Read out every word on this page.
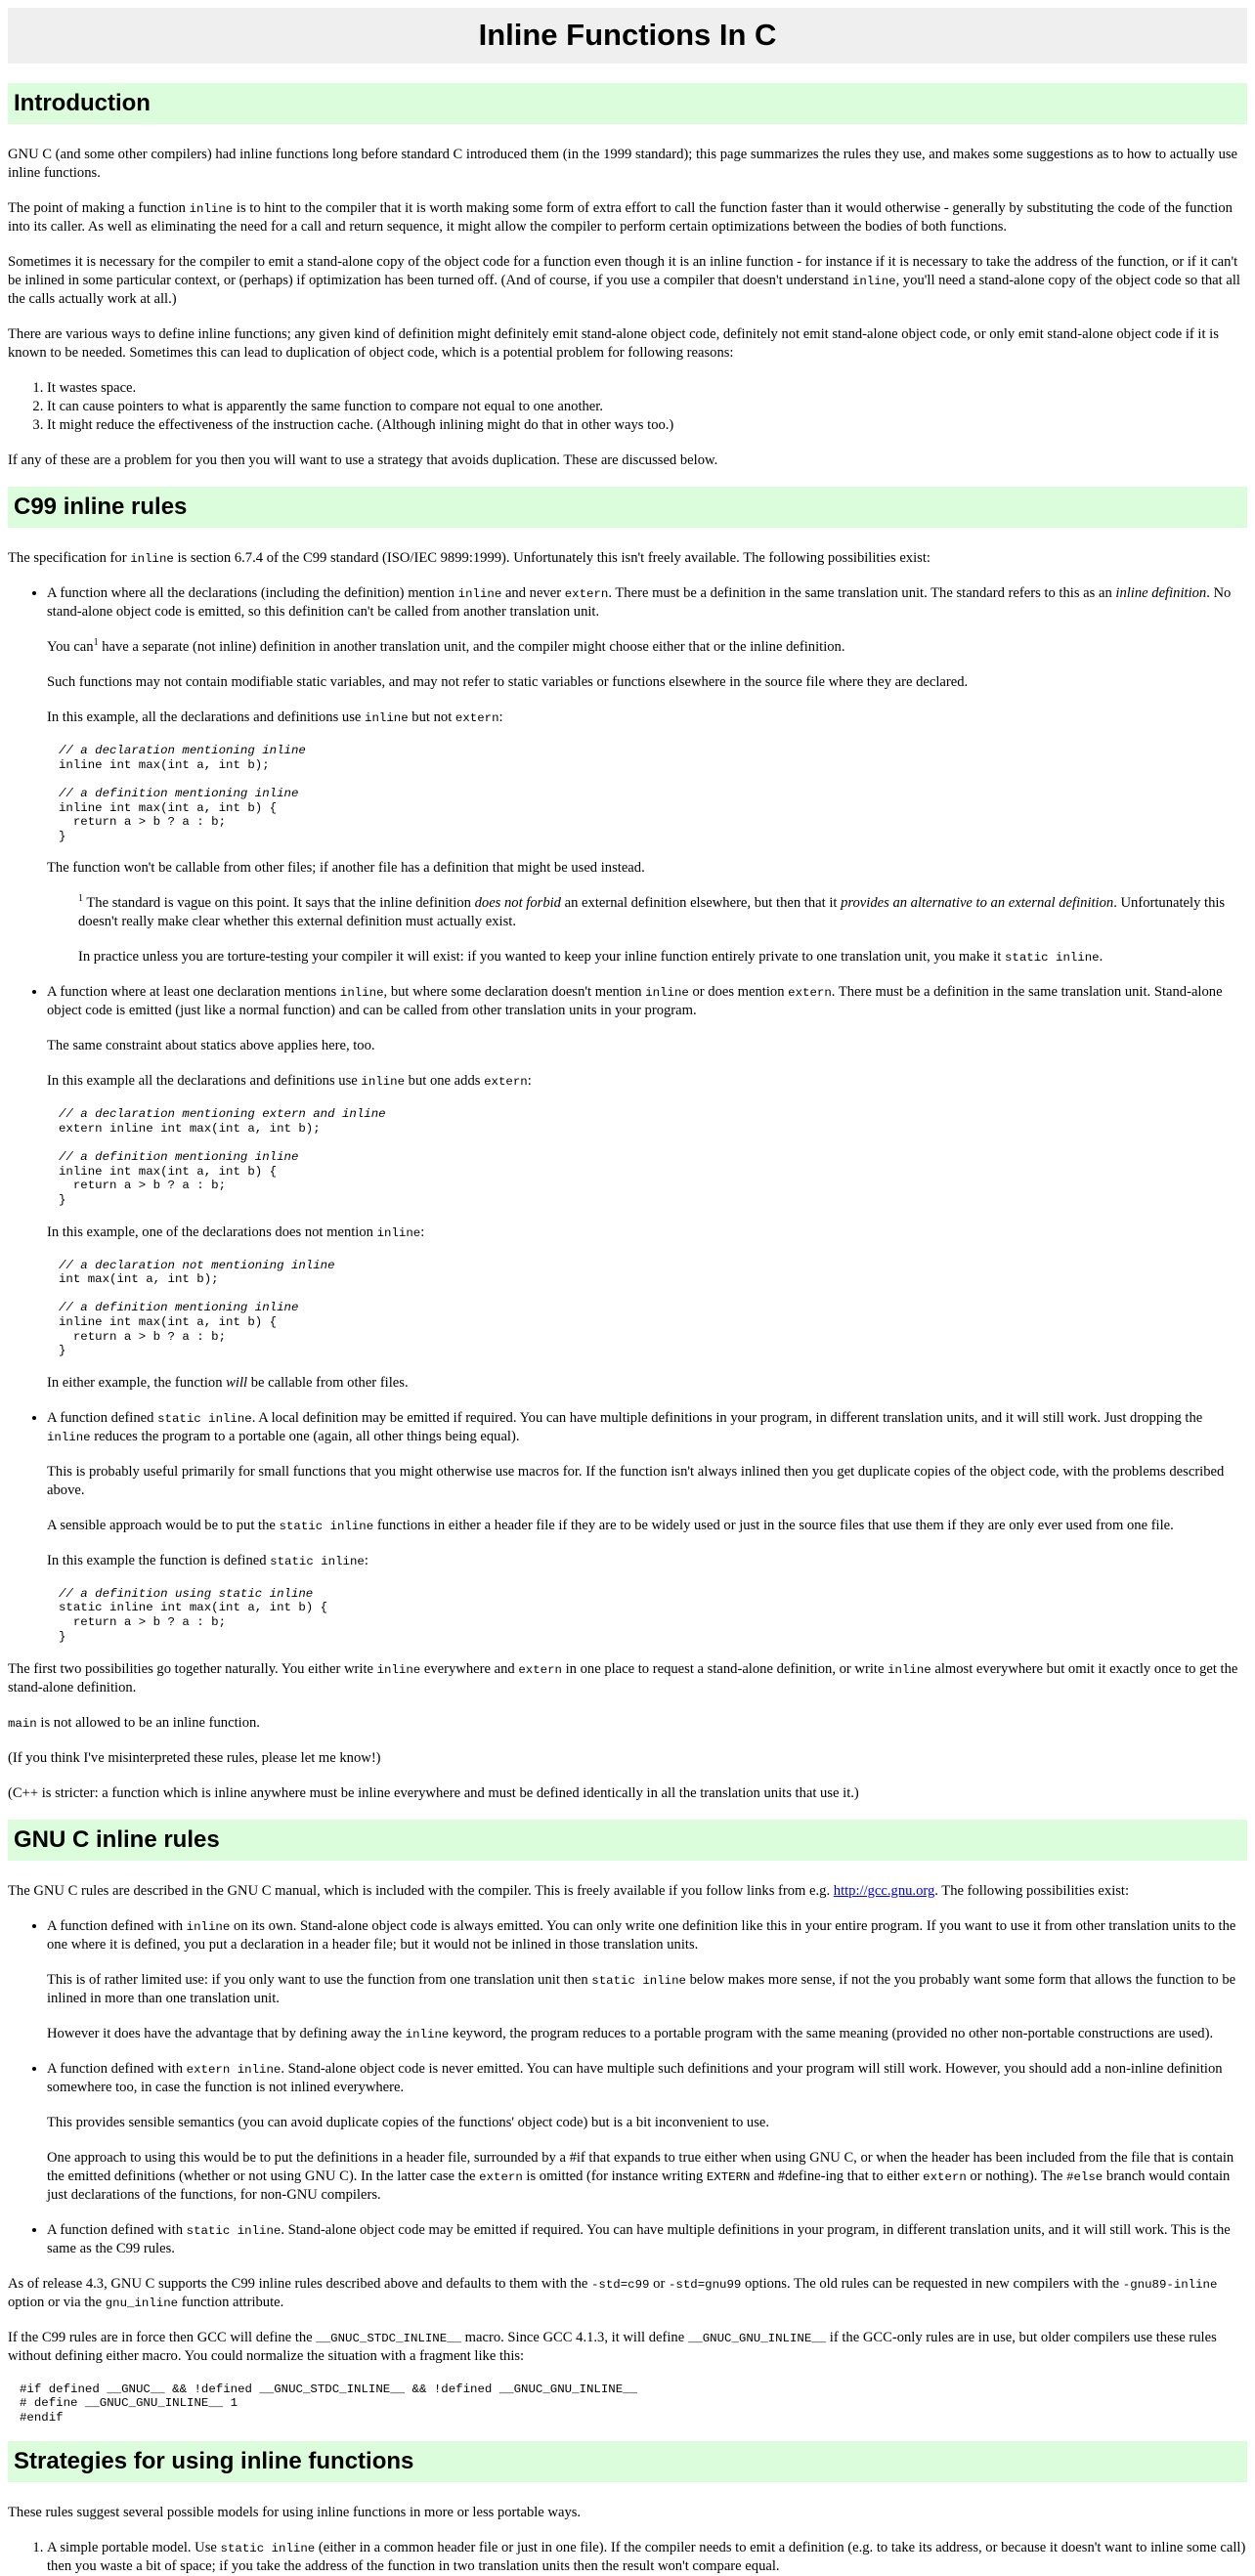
Inline Functions In C
Introduction

GNU C (and some other compilers) had inline functions long before standard C introduced them (in the 1999 standard); this page summarizes the rules they use, and makes some suggestions as to how to actually use inline functions.

The point of making a function inline is to hint to the compiler that it is worth making some form of extra effort to call the function faster than it would otherwise - generally by substituting the code of the function into its caller. As well as eliminating the need for a call and return sequence, it might allow the compiler to perform certain optimizations between the bodies of both functions.

Sometimes it is necessary for the compiler to emit a stand-alone copy of the object code for a function even though it is an inline function - for instance if it is necessary to take the address of the function, or if it can't be inlined in some particular context, or (perhaps) if optimization has been turned off. (And of course, if you use a compiler that doesn't understand inline, you'll need a stand-alone copy of the object code so that all the calls actually work at all.)

There are various ways to define inline functions; any given kind of definition might definitely emit stand-alone object code, definitely not emit stand-alone object code, or only emit stand-alone object code if it is known to be needed. Sometimes this can lead to duplication of object code, which is a potential problem for following reasons:

1. It wastes space.
2. It can cause pointers to what is apparently the same function to compare not equal to one another.
3. It might reduce the effectiveness of the instruction cache. (Although inlining might do that in other ways too.)

If any of these are a problem for you then you will want to use a strategy that avoids duplication. These are discussed below.

C99 inline rules

The specification for inline is section 6.7.4 of the C99 standard (ISO/IEC 9899:1999). Unfortunately this isn't freely available. The following possibilities exist:

• A function where all the declarations (including the definition) mention inline and never extern. There must be a definition in the same translation unit. The standard refers to this as an inline definition. No stand-alone object code is emitted, so this definition can't be called from another translation unit.

You can$^1$ have a separate (not inline) definition in another translation unit, and the compiler might choose either that or the inline definition.

Such functions may not contain modifiable static variables, and may not refer to static variables or functions elsewhere in the source file where they are declared.

In this example, all the declarations and definitions use inline but not extern:

// a declaration mentioning inline
inline int max(int a, int b);

// a definition mentioning inline
inline int max(int a, int b) {
return a > b ? a : b;
}

The function won't be callable from other files; if another file has a definition that might be used instead.

$^1$ The standard is vague on this point. It says that the inline definition does not forbid an external definition elsewhere, but then that it provides an alternative to an external definition. Unfortunately this doesn't really make clear whether this external definition must actually exist.

In practice unless you are torture-testing your compiler it will exist: if you wanted to keep your inline function entirely private to one translation unit, you make it static inline.

• A function where at least one declaration mentions inline, but where some declaration doesn't mention inline or does mention extern. There must be a definition in the same translation unit. Stand-alone object code is emitted (just like a normal function) and can be called from other translation units in your program.

The same constraint about statics above applies here, too.

In this example all the declarations and definitions use inline but one adds extern:

// a declaration mentioning extern and inline
extern inline int max(int a, int b);

// a definition mentioning inline
inline int max(int a, int b) {
return a > b ? a : b;
}

In this example, one of the declarations does not mention inline:

// a declaration not mentioning inline
int max(int a, int b);

// a definition mentioning inline
inline int max(int a, int b) {
return a > b ? a : b;
}

In either example, the function will be callable from other files.

• A function defined static inline. A local definition may be emitted if required. You can have multiple definitions in your program, in different translation units, and it will still work. Just dropping the inline reduces the program to a portable one (again, all other things being equal).

This is probably useful primarily for small functions that you might otherwise use macros for. If the function isn't always inlined then you get duplicate copies of the object code, with the problems described above.

A sensible approach would be to put the static inline functions in either a header file if they are to be widely used or just in the source files that use them if they are only ever used from one file.

In this example the function is defined static inline:

// a definition using static inline
static inline int max(int a, int b) {
return a > b ? a : b;
}

The first two possibilities go together naturally. You either write inline everywhere and extern in one place to request a stand-alone definition, or write inline almost everywhere but omit it exactly once to get the stand-alone definition.

main is not allowed to be an inline function.

(If you think I've misinterpreted these rules, please let me know!)

(C++ is stricter: a function which is inline anywhere must be inline everywhere and must be defined identically in all the translation units that use it.)

GNU C inline rules

The GNU C rules are described in the GNU C manual, which is included with the compiler. This is freely available if you follow links from e.g. http://gcc.gnu.org. The following possibilities exist:

• A function defined with inline on its own. Stand-alone object code is always emitted. You can only write one definition like this in your entire program. If you want to use it from other translation units to the one where it is defined, you put a declaration in a header file; but it would not be inlined in those translation units.

This is of rather limited use: if you only want to use the function from one translation unit then static inline below makes more sense, if not the you probably want some form that allows the function to be inlined in more than one translation unit.

However it does have the advantage that by defining away the inline keyword, the program reduces to a portable program with the same meaning (provided no other non-portable constructions are used).

• A function defined with extern inline. Stand-alone object code is never emitted. You can have multiple such definitions and your program will still work. However, you should add a non-inline definition somewhere too, in case the function is not inlined everywhere.

This provides sensible semantics (you can avoid duplicate copies of the functions' object code) but is a bit inconvenient to use.

One approach to using this would be to put the definitions in a header file, surrounded by a #if that expands to true either when using GNU C, or when the header has been included from the file that is contain the emitted definitions (whether or not using GNU C). In the latter case the extern is omitted (for instance writing EXTERN and #define-ing that to either extern or nothing). The #else branch would contain just declarations of the functions, for non-GNU compilers.

• A function defined with static inline. Stand-alone object code may be emitted if required. You can have multiple definitions in your program, in different translation units, and it will still work. This is the same as the C99 rules.

As of release 4.3, GNU C supports the C99 inline rules described above and defaults to them with the -std=c99 or -std=gnu99 options. The old rules can be requested in new compilers with the -gnu89-inline option or via the gnu_inline function attribute.

If the C99 rules are in force then GCC will define the __GNUC_STDC_INLINE__ macro. Since GCC 4.1.3, it will define __GNUC_GNU_INLINE__ if the GCC-only rules are in use, but older compilers use these rules without defining either macro. You could normalize the situation with a fragment like this:

#if defined __GNUC__ && !defined __GNUC_STDC_INLINE__ && !defined __GNUC_GNU_INLINE__
# define __GNUC_GNU_INLINE__ 1
#endif
Strategies for using inline functions

These rules suggest several possible models for using inline functions in more or less portable ways.

1. A simple portable model. Use static inline (either in a common header file or just in one file). If the compiler needs to emit a definition (e.g. to take its address, or because it doesn't want to inline some call) then you waste a bit of space; if you take the address of the function in two translation units then the result won't compare equal.
